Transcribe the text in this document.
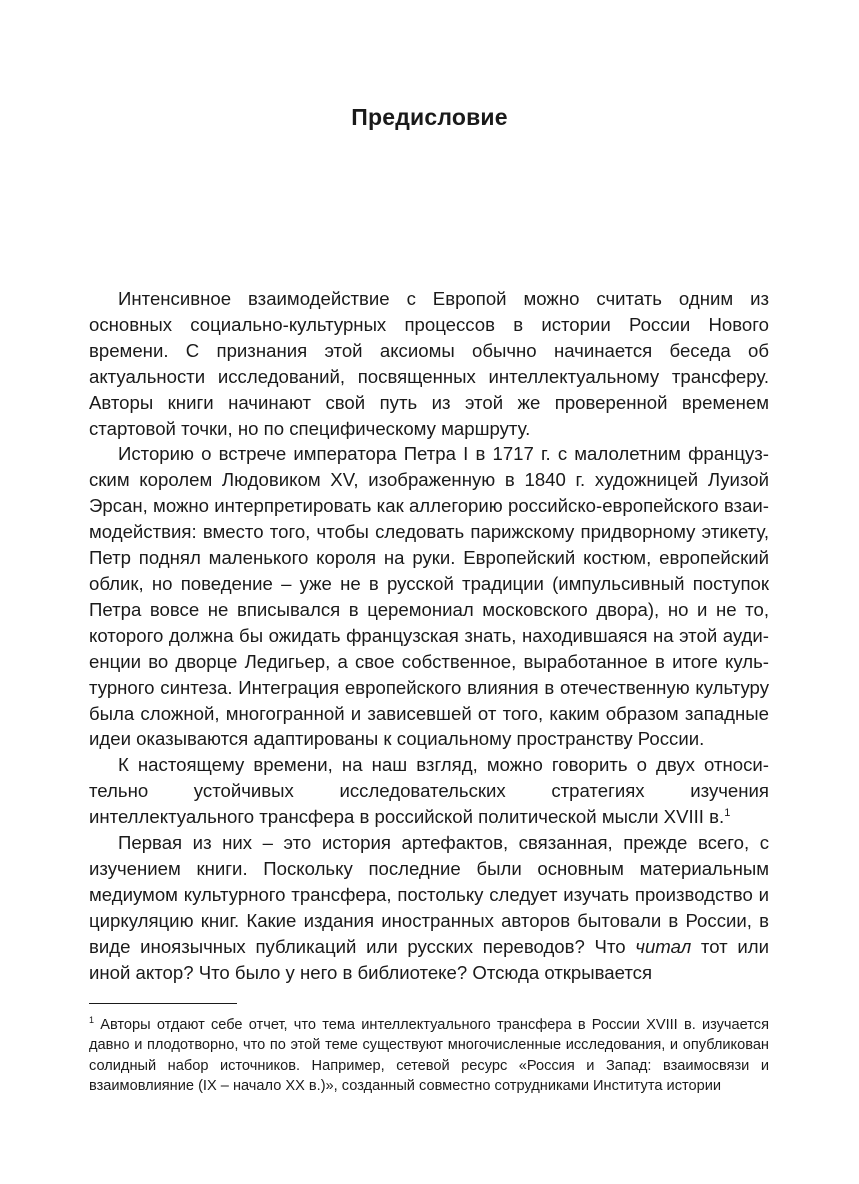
Предисловие

Интенсивное взаимодействие с Европой можно считать одним из основных социально-культурных процессов в истории России Нового времени. С признания этой аксиомы обычно начинается беседа об актуальности исследований, посвященных интеллектуальному трансферу. Авторы книги начинают свой путь из этой же проверенной временем стартовой точки, но по специфическому маршруту.

Историю о встрече императора Петра I в 1717 г. с малолетним французским королем Людовиком XV, изображенную в 1840 г. художницей Луизой Эрсан, можно интерпретировать как аллегорию российско-европейского взаимодействия: вместо того, чтобы следовать парижскому придворному этикету, Петр поднял маленького короля на руки. Европейский костюм, европейский облик, но поведение – уже не в русской традиции (импульсивный поступок Петра вовсе не вписывался в церемониал московского двора), но и не то, которого должна бы ожидать французская знать, находившаяся на этой аудиенции во дворце Ледигьер, а свое собственное, выработанное в итоге культурного синтеза. Интеграция европейского влияния в отечественную культуру была сложной, многогранной и зависевшей от того, каким образом западные идеи оказываются адаптированы к социальному пространству России.

К настоящему времени, на наш взгляд, можно говорить о двух относительно устойчивых исследовательских стратегиях изучения интеллектуального трансфера в российской политической мысли XVIII в.$^1$

Первая из них – это история артефактов, связанная, прежде всего, с изучением книги. Поскольку последние были основным материальным медиумом культурного трансфера, постольку следует изучать производство и циркуляцию книг. Какие издания иностранных авторов бытовали в России, в виде иноязычных публикаций или русских переводов? Что читал тот или иной актор? Что было у него в библиотеке? Отсюда открывается

$^1$ Авторы отдают себе отчет, что тема интеллектуального трансфера в России XVIII в. изучается давно и плодотворно, что по этой теме существуют многочисленные исследования, и опубликован солидный набор источников. Например, сетевой ресурс «Россия и Запад: взаимосвязи и взаимовлияние (IX – начало XX в.)», созданный совместно сотрудниками Института истории
